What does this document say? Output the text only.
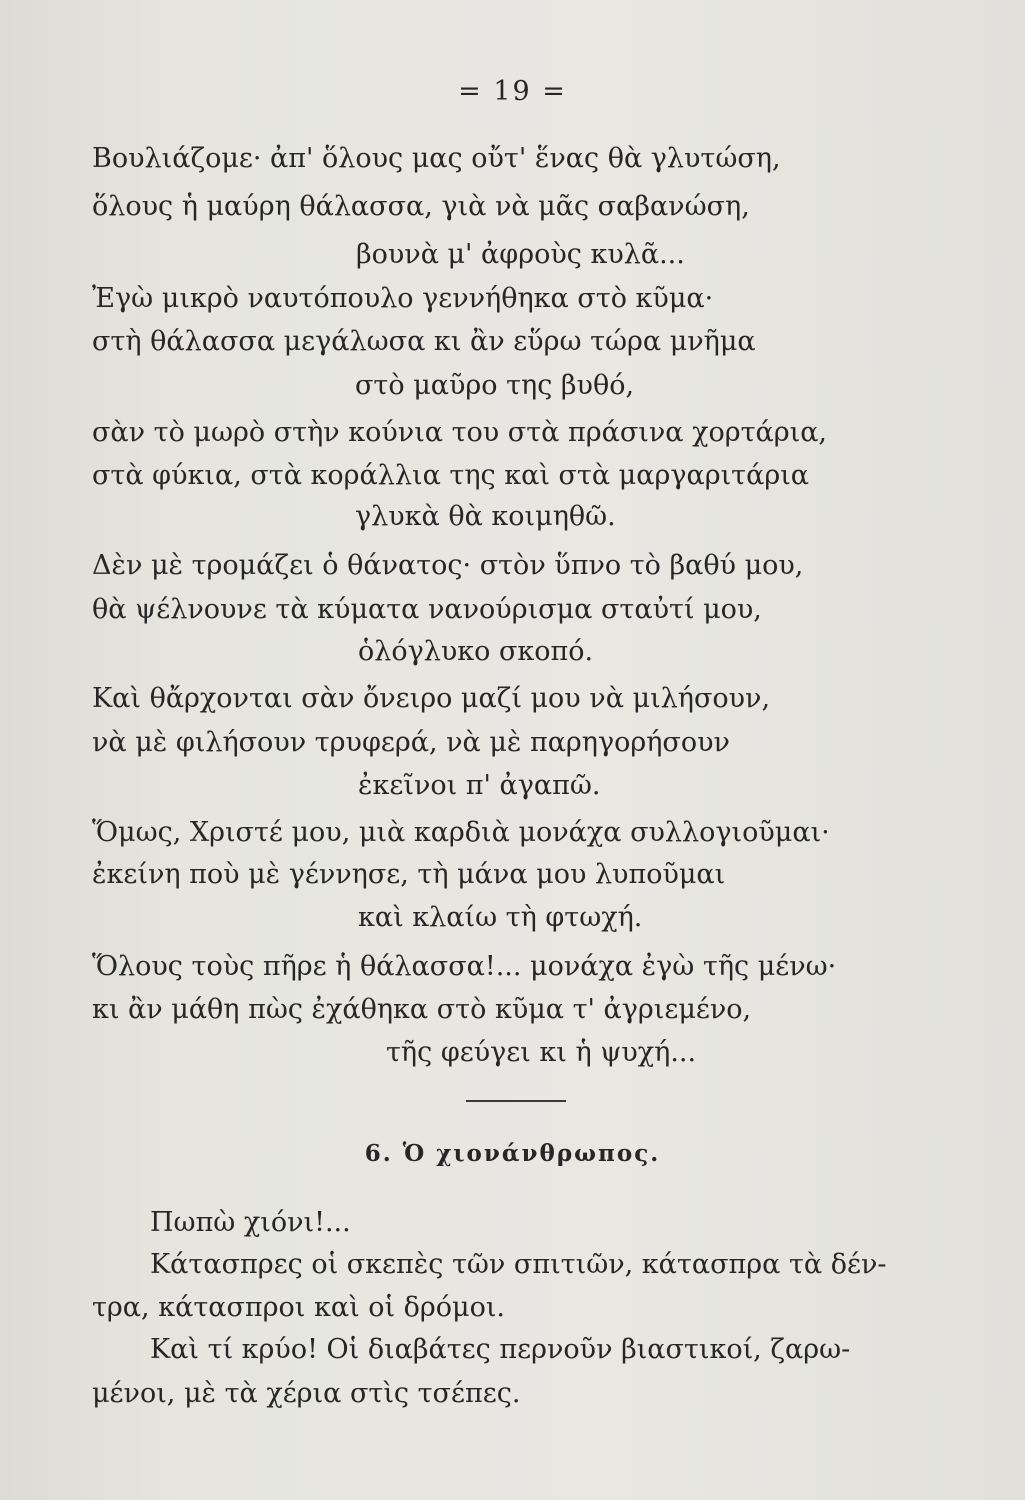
= 19 =
Βουλιάζομε· ἀπ' ὅλους μας οὔτ' ἕνας θὰ γλυτώση,
ὅλους ἡ μαύρη θάλασσα, γιὰ νὰ μᾶς σαβανώση,
βουνὰ μ' ἀφροὺς κυλᾶ...
Ἐγὼ μικρὸ ναυτόπουλο γεννήθηκα στὸ κῦμα·
στὴ θάλασσα μεγάλωσα κι ἂν εὕρω τώρα μνῆμα
στὸ μαῦρο της βυθό,
σὰν τὸ μωρὸ στὴν κούνια του στὰ πράσινα χορτάρια,
στὰ φύκια, στὰ κοράλλια της καὶ στὰ μαργαριτάρια
γλυκὰ θὰ κοιμηθῶ.
Δὲν μὲ τρομάζει ὁ θάνατος· στὸν ὕπνο τὸ βαθύ μου,
θὰ ψέλνουνε τὰ κύματα νανούρισμα σταὐτί μου,
ὁλόγλυκο σκοπό.
Καὶ θἄρχονται σὰν ὄνειρο μαζί μου νὰ μιλήσουν,
νὰ μὲ φιλήσουν τρυφερά, νὰ μὲ παρηγορήσουν
ἐκεῖνοι π' ἀγαπῶ.
Ὅμως, Χριστέ μου, μιὰ καρδιὰ μονάχα συλλογιοῦμαι·
ἐκείνη ποὺ μὲ γέννησε, τὴ μάνα μου λυποῦμαι
καὶ κλαίω τὴ φτωχή.
Ὅλους τοὺς πῆρε ἡ θάλασσα!... μονάχα ἐγὼ τῆς μένω·
κι ἂν μάθη πὼς ἐχάθηκα στὸ κῦμα τ' ἀγριεμένο,
τῆς φεύγει κι ἡ ψυχή...
6. Ὁ χιονάνθρωπος.
Πωπὼ χιόνι!...
Κάτασπρες οἱ σκεπὲς τῶν σπιτιῶν, κάτασπρα τὰ δέν-
τρα, κάτασπροι καὶ οἱ δρόμοι.
Καὶ τί κρύο! Οἱ διαβάτες περνοῦν βιαστικοί, ζαρω-
μένοι, μὲ τὰ χέρια στὶς τσέπες.
